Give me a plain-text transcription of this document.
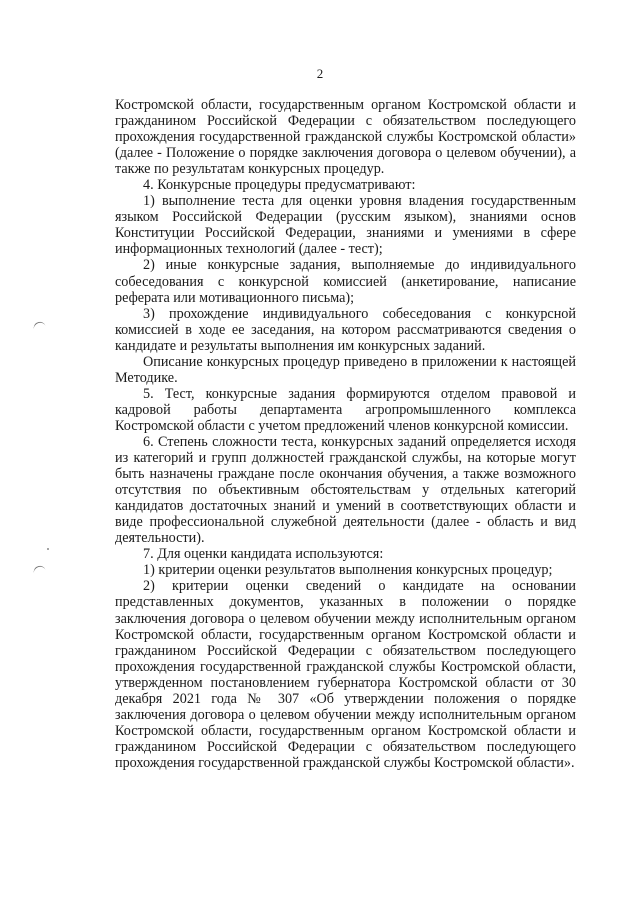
2

Костромской области, государственным органом Костромской области и гражданином Российской Федерации с обязательством последующего прохождения государственной гражданской службы Костромской области» (далее - Положение о порядке заключения договора о целевом обучении), а также по результатам конкурсных процедур.

4. Конкурсные процедуры предусматривают:

1) выполнение теста для оценки уровня владения государственным языком Российской Федерации (русским языком), знаниями основ Конституции Российской Федерации, знаниями и умениями в сфере информационных технологий (далее - тест);

2) иные конкурсные задания, выполняемые до индивидуального собеседования с конкурсной комиссией (анкетирование, написание реферата или мотивационного письма);

3) прохождение индивидуального собеседования с конкурсной комиссией в ходе ее заседания, на котором рассматриваются сведения о кандидате и результаты выполнения им конкурсных заданий.

Описание конкурсных процедур приведено в приложении к настоящей Методике.

5. Тест, конкурсные задания формируются отделом правовой и кадровой работы департамента агропромышленного комплекса Костромской области с учетом предложений членов конкурсной комиссии.

6. Степень сложности теста, конкурсных заданий определяется исходя из категорий и групп должностей гражданской службы, на которые могут быть назначены граждане после окончания обучения, а также возможного отсутствия по объективным обстоятельствам у отдельных категорий кандидатов достаточных знаний и умений в соответствующих области и виде профессиональной служебной деятельности (далее - область и вид деятельности).

7. Для оценки кандидата используются:

1) критерии оценки результатов выполнения конкурсных процедур;

2) критерии оценки сведений о кандидате на основании представленных документов, указанных в положении о порядке заключения договора о целевом обучении между исполнительным органом Костромской области, государственным органом Костромской области и гражданином Российской Федерации с обязательством последующего прохождения государственной гражданской службы Костромской области, утвержденном постановлением губернатора Костромской области от 30 декабря 2021 года № 307 «Об утверждении положения о порядке заключения договора о целевом обучении между исполнительным органом Костромской области, государственным органом Костромской области и гражданином Российской Федерации с обязательством последующего прохождения государственной гражданской службы Костромской области».
